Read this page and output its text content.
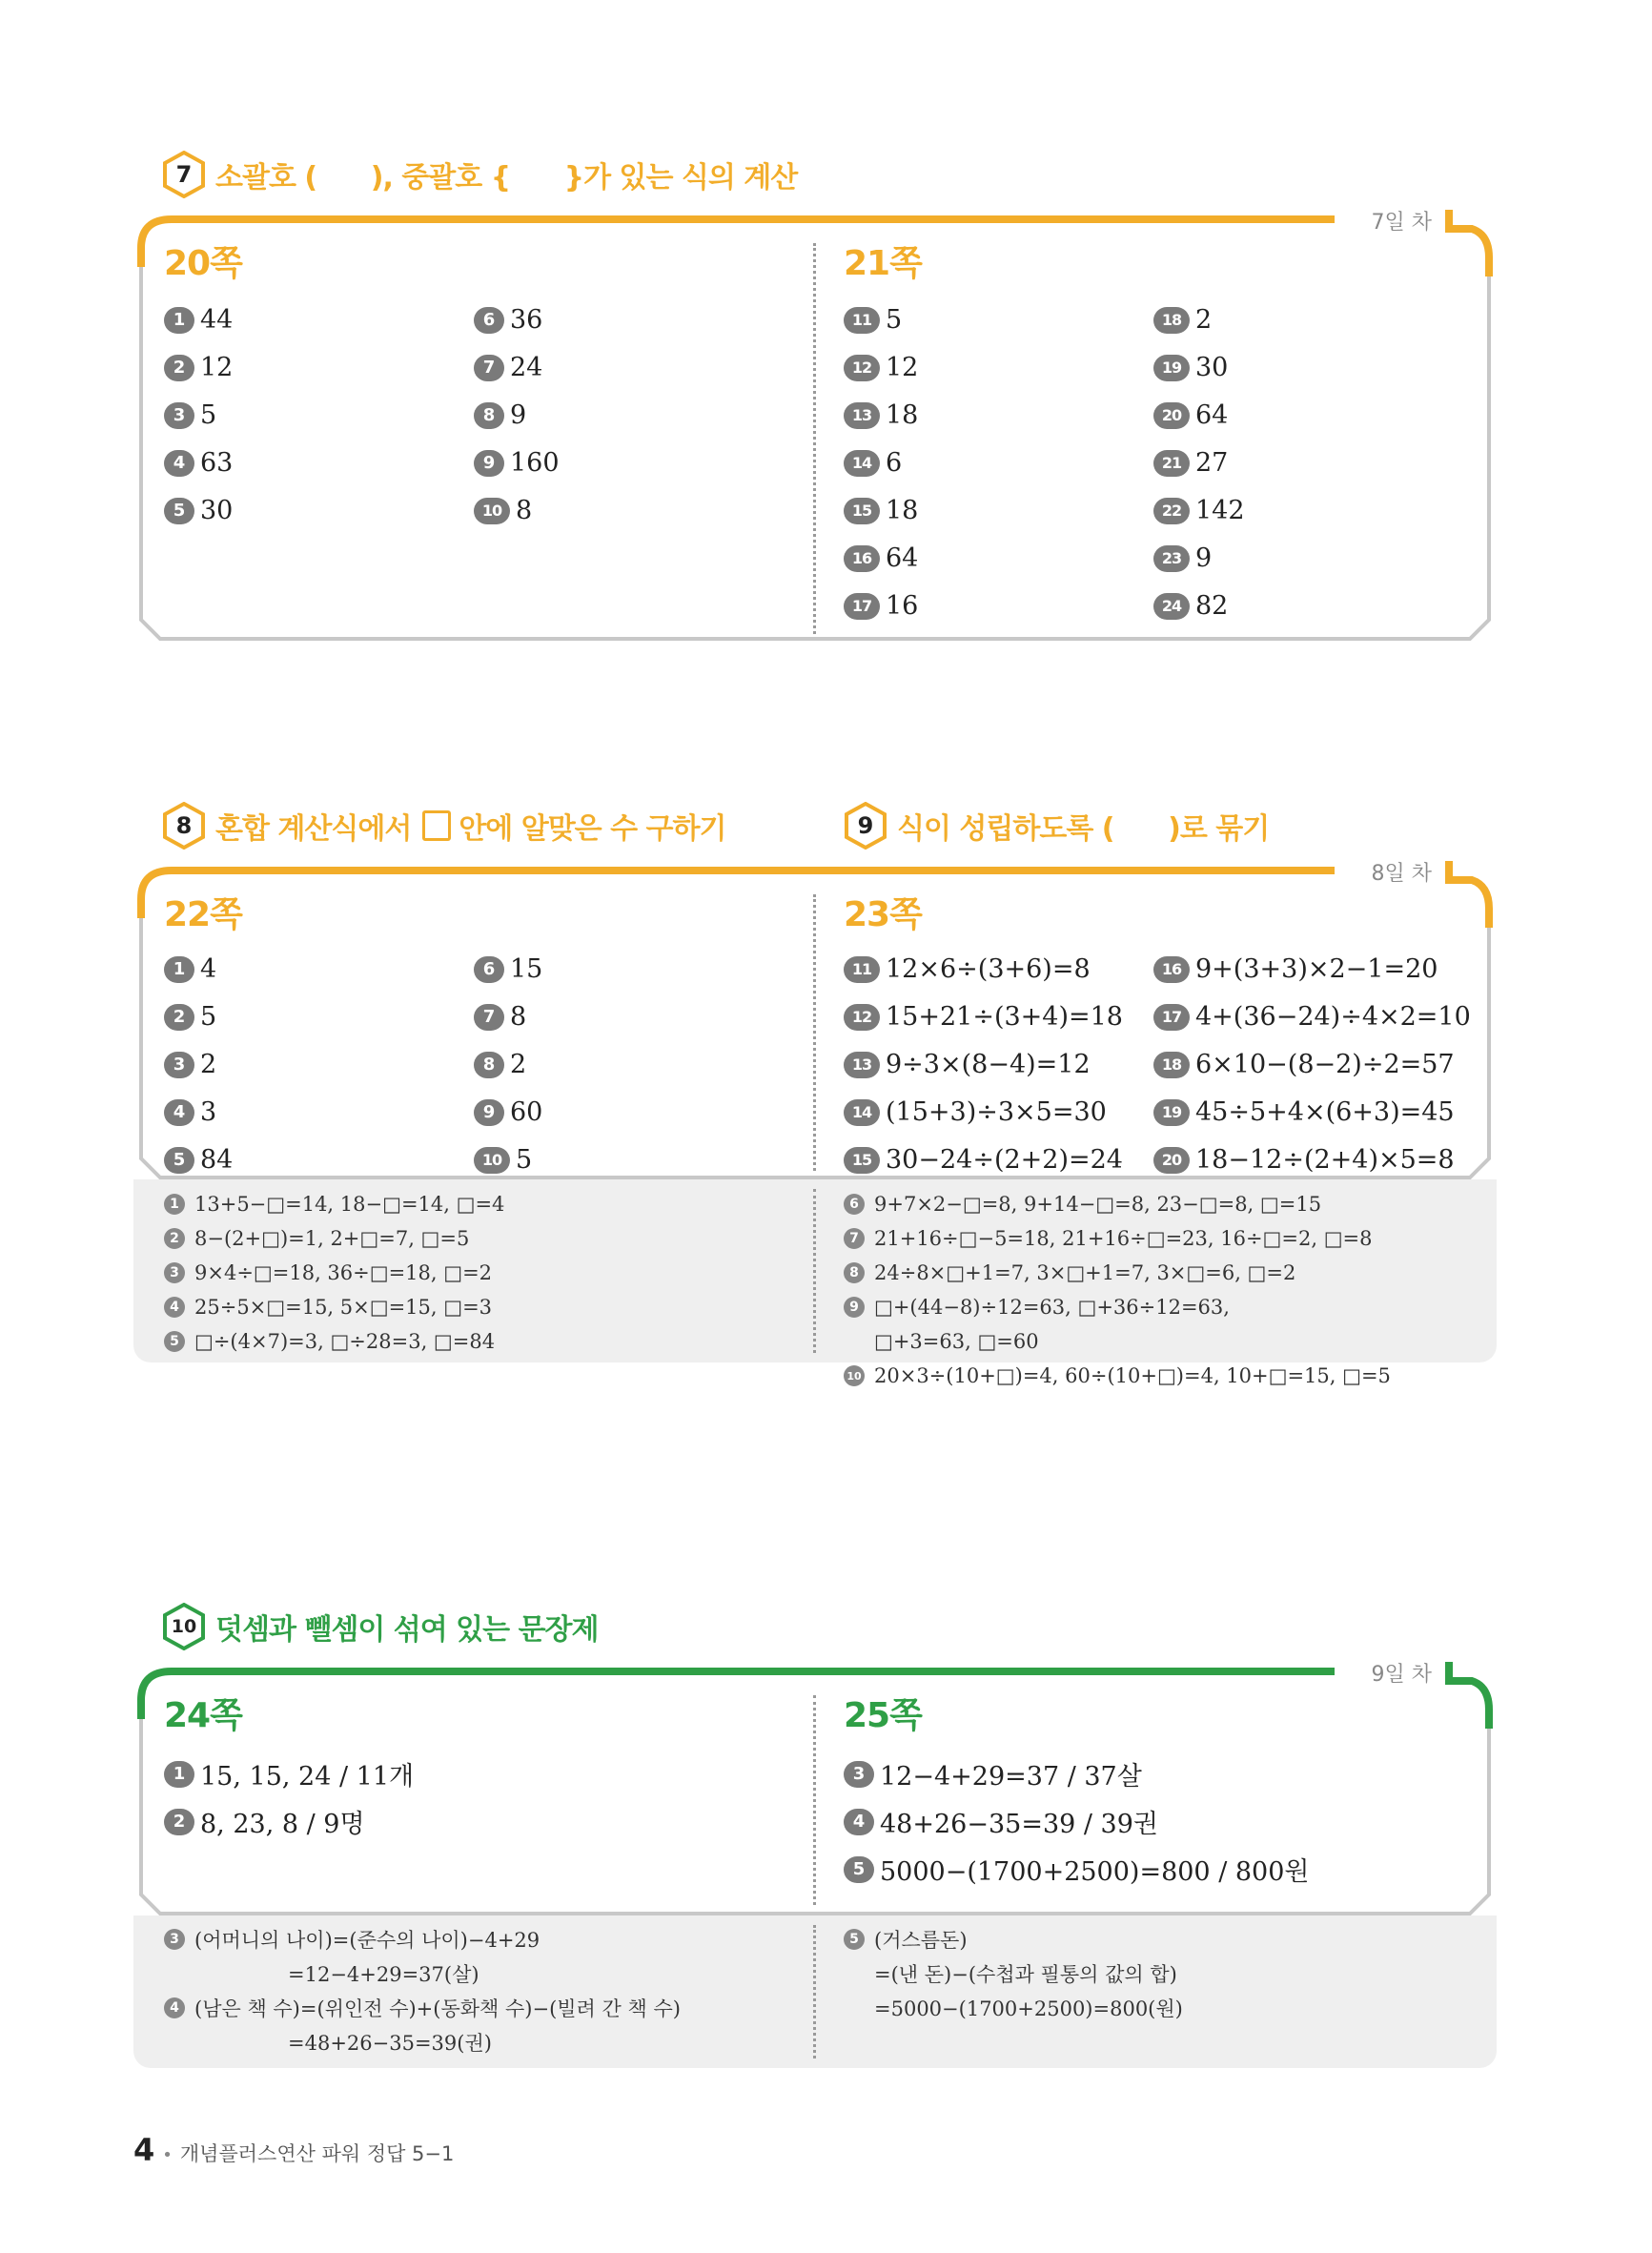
7 소괄호 (      ), 중괄호 {      }가 있는 식의 계산
7일 차
20쪽	21쪽
1 44
2 12
3 5
4 63
5 30
6 36
7 24
8 9
9 160
10 8
11 5
12 12
13 18
14 6
15 18
16 64
17 16
18 2
19 30
20 64
21 27
22 142
23 9
24 82
8 혼합 계산식에서 안에 알맞은 수 구하기	9 식이 성립하도록 (      )로 묶기
8일 차
22쪽	23쪽
1 4
2 5
3 2
4 3
5 84
6 15
7 8
8 2
9 60
10 5
11 12×6÷(3+6)=8
12 15+21÷(3+4)=18
13 9÷3×(8−4)=12
14 (15+3)÷3×5=30
15 30−24÷(2+2)=24
16 9+(3+3)×2−1=20
17 4+(36−24)÷4×2=10
18 6×10−(8−2)÷2=57
19 45÷5+4×(6+3)=45
20 18−12÷(2+4)×5=8
1 13+5−□=14, 18−□=14, □=4
2 8−(2+□)=1, 2+□=7, □=5
3 9×4÷□=18, 36÷□=18, □=2
4 25÷5×□=15, 5×□=15, □=3
5 □÷(4×7)=3, □÷28=3, □=84
6 9+7×2−□=8, 9+14−□=8, 23−□=8, □=15
7 21+16÷□−5=18, 21+16÷□=23, 16÷□=2, □=8
8 24÷8×□+1=7, 3×□+1=7, 3×□=6, □=2
9 □+(44−8)÷12=63, □+36÷12=63,
□+3=63, □=60
10 20×3÷(10+□)=4, 60÷(10+□)=4, 10+□=15, □=5
10 덧셈과 뺄셈이 섞여 있는 문장제
9일 차
24쪽	25쪽
1 15, 15, 24 / 11개
2 8, 23, 8 / 9명
3 12−4+29=37 / 37살
4 48+26−35=39 / 39권
5 5000−(1700+2500)=800 / 800원
3 (어머니의 나이)=(준수의 나이)−4+29
=12−4+29=37(살)
4 (남은 책 수)=(위인전 수)+(동화책 수)−(빌려 간 책 수)
=48+26−35=39(권)
5 (거스름돈)
=(낸 돈)−(수첩과 필통의 값의 합)
=5000−(1700+2500)=800(원)
4 • 개념플러스연산 파워 정답 5−1
